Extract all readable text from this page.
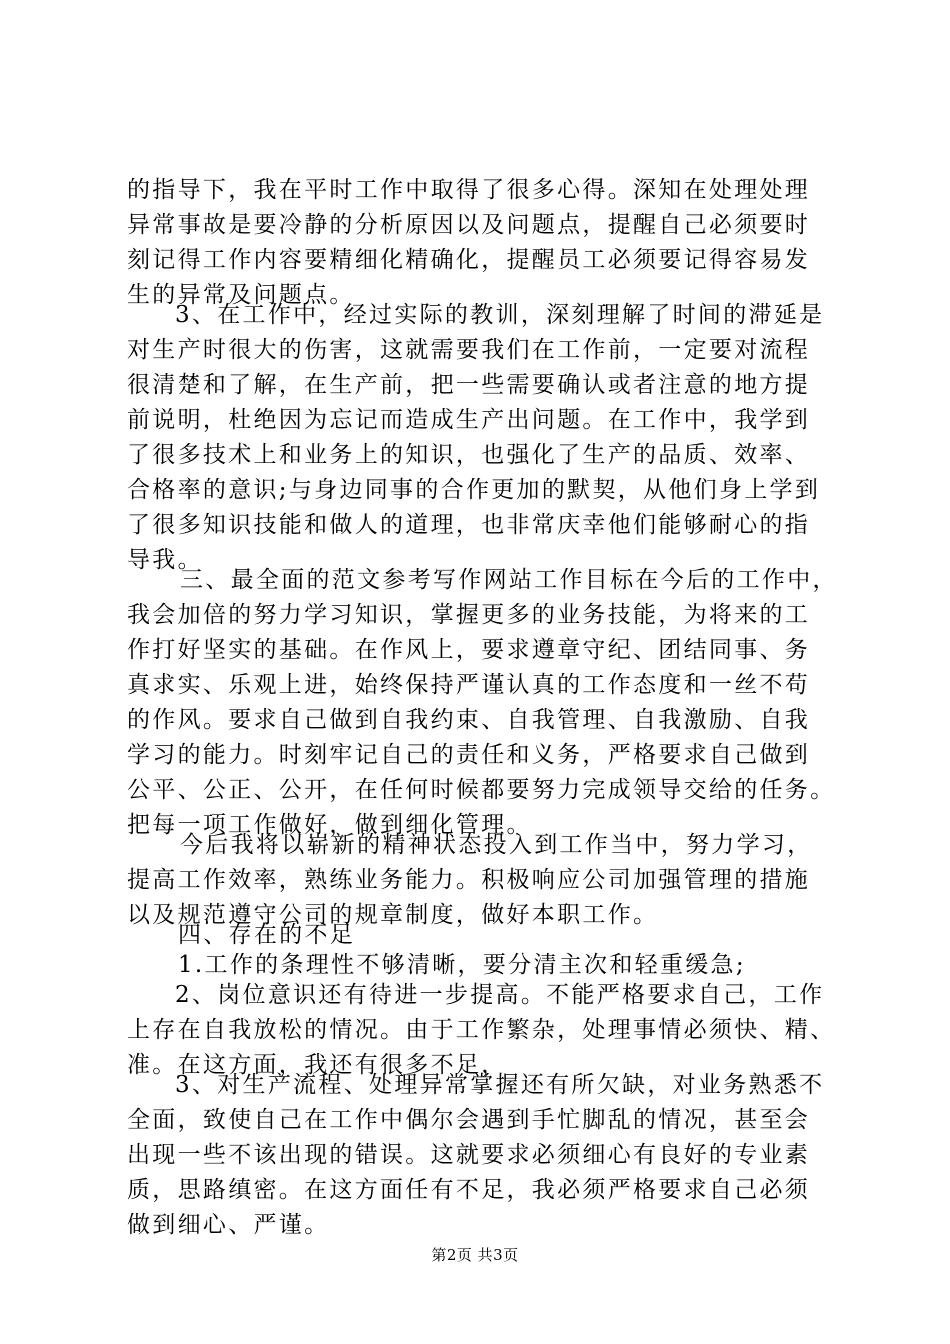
的指导下，我在平时工作中取得了很多心得。深知在处理处理
异常事故是要冷静的分析原因以及问题点，提醒自己必须要时
刻记得工作内容要精细化精确化，提醒员工必须要记得容易发
生的异常及问题点。
3、在工作中，经过实际的教训，深刻理解了时间的滞延是
对生产时很大的伤害，这就需要我们在工作前，一定要对流程
很清楚和了解，在生产前，把一些需要确认或者注意的地方提
前说明，杜绝因为忘记而造成生产出问题。在工作中，我学到
了很多技术上和业务上的知识，也强化了生产的品质、效率、
合格率的意识;与身边同事的合作更加的默契，从他们身上学到
了很多知识技能和做人的道理，也非常庆幸他们能够耐心的指
导我。
三、最全面的范文参考写作网站工作目标在今后的工作中，
我会加倍的努力学习知识，掌握更多的业务技能，为将来的工
作打好坚实的基础。在作风上，要求遵章守纪、团结同事、务
真求实、乐观上进，始终保持严谨认真的工作态度和一丝不苟
的作风。要求自己做到自我约束、自我管理、自我激励、自我
学习的能力。时刻牢记自己的责任和义务，严格要求自己做到
公平、公正、公开，在任何时候都要努力完成领导交给的任务。
把每一项工作做好，做到细化管理。
今后我将以崭新的精神状态投入到工作当中，努力学习，
提高工作效率，熟练业务能力。积极响应公司加强管理的措施
以及规范遵守公司的规章制度，做好本职工作。
四、存在的不足
1.工作的条理性不够清晰，要分清主次和轻重缓急;
2、岗位意识还有待进一步提高。不能严格要求自己，工作
上存在自我放松的情况。由于工作繁杂，处理事情必须快、精、
准。在这方面，我还有很多不足，
3、对生产流程、处理异常掌握还有所欠缺，对业务熟悉不
全面，致使自己在工作中偶尔会遇到手忙脚乱的情况，甚至会
出现一些不该出现的错误。这就要求必须细心有良好的专业素
质，思路缜密。在这方面任有不足，我必须严格要求自己必须
做到细心、严谨。
第2页 共3页
